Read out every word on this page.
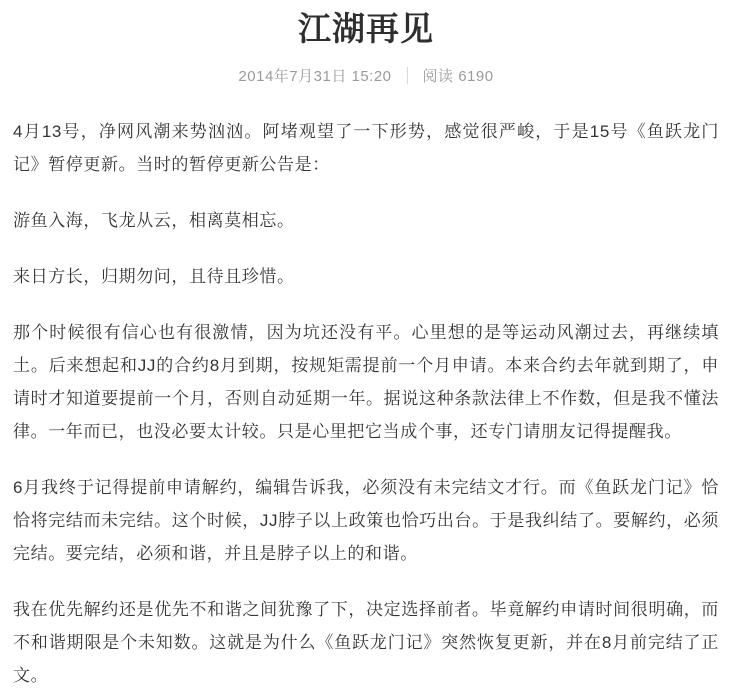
江湖再见
2014年7月31日 15:20 阅读 6190

4月13号，净网风潮来势汹汹。阿堵观望了一下形势，感觉很严峻，于是15号《鱼跃龙门记》暂停更新。当时的暂停更新公告是：

游鱼入海，飞龙从云，相离莫相忘。

来日方长，归期勿问，且待且珍惜。

那个时候很有信心也有很激情，因为坑还没有平。心里想的是等运动风潮过去，再继续填土。后来想起和JJ的合约8月到期，按规矩需提前一个月申请。本来合约去年就到期了，申请时才知道要提前一个月，否则自动延期一年。据说这种条款法律上不作数，但是我不懂法律。一年而已，也没必要太计较。只是心里把它当成个事，还专门请朋友记得提醒我。

6月我终于记得提前申请解约，编辑告诉我，必须没有未完结文才行。而《鱼跃龙门记》恰恰将完结而未完结。这个时候，JJ脖子以上政策也恰巧出台。于是我纠结了。要解约，必须完结。要完结，必须和谐，并且是脖子以上的和谐。

我在优先解约还是优先不和谐之间犹豫了下，决定选择前者。毕竟解约申请时间很明确，而不和谐期限是个未知数。这就是为什么《鱼跃龙门记》突然恢复更新，并在8月前完结了正文。
